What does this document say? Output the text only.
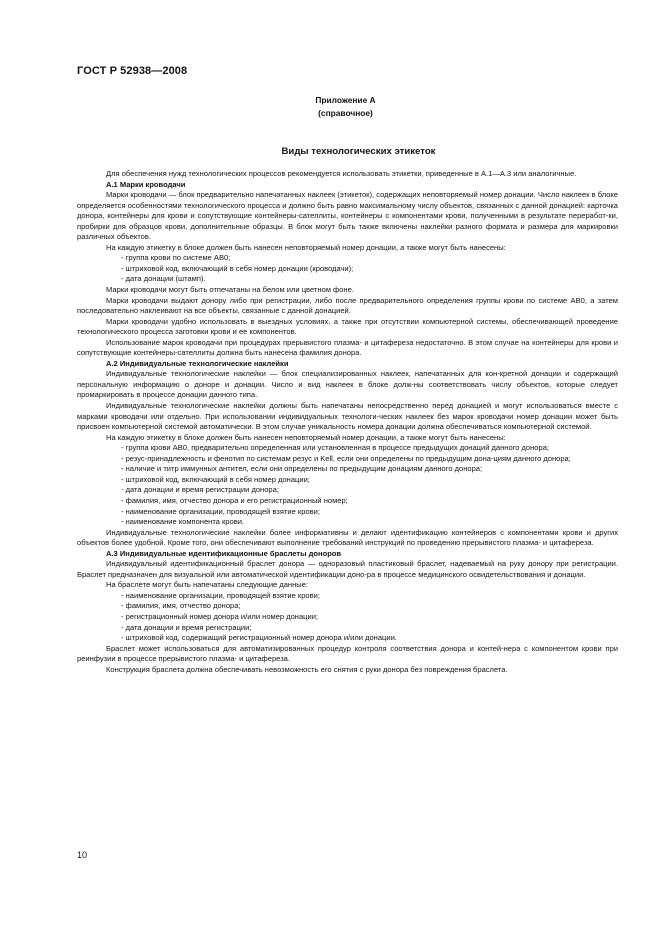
ГОСТ Р 52938—2008
Приложение А
(справочное)
Виды технологических этикеток

Для обеспечения нужд технологических процессов рекомендуется использовать этикетки, приведенные в А.1—А.3 или аналогичные.

А.1 Марки кроводачи

Марки кроводачи — блок предварительно напечатанных наклеек (этикеток), содержащих неповторяемый номер донации. Число наклеек в блоке определяется особенностями технологического процесса и должно быть равно максимальному числу объектов, связанных с данной донацией: карточка донора, контейнеры для крови и сопутствующие контейнеры-сателлиты, контейнеры с компонентами крови, полученными в результате перерабoт-ки, пробирки для образцов крови, дополнительные образцы. В блок могут быть также включены наклейки разного формата и размера для маркировки различных объектов.

На каждую этикетку в блоке должен быть нанесен неповторяемый номер донации, а также могут быть нанесены:

- группа крови по системе АВ0;

- штриховой код, включающий в себя номер донации (кроводачи);

- дата донации (штамп).

Марки кроводачи могут быть отпечатаны на белом или цветном фоне.

Марки кроводачи выдают донору либо при регистрации, либо после предварительного определения группы крови по системе АВ0, а затем последовательно наклеивают на все объекты, связанные с данной донацией.

Марки кроводачи удобно использовать в выездных условиях, а также при отсутствии компьютерной системы, обеспечивающей проведение технологического процесса заготовки крови и ее компонентов.

Использование марок кроводачи при процедурах прерывистого плазма- и цитафереза недостаточно. В этом случае на контейнеры для крови и сопутствующие контейнеры-сателлиты должна быть нанесена фамилия донора.

А.2 Индивидуальные технологические наклейки

Индивидуальные технологические наклейки — блок специализированных наклеек, напечатанных для кон-кретной донации и содержащий персональную информацию о доноре и донации. Число и вид наклеек в блоке долж-ны соответствовать числу объектов, которые следует промаркировать в процессе донации данного типа.

Индивидуальные технологические наклейки должны быть напечатаны непосредственно перед донацией и могут использоваться вместе с марками кроводачи или отдельно. При использовании индивидуальных технологи-ческих наклеек без марок кроводачи номер донации может быть присвоен компьютерной системой автоматически. В этом случае уникальность номера донации должна обеспечиваться компьютерной системой.

На каждую этикетку в блоке должен быть нанесен неповторяемый номер донации, а также могут быть нанесены:

- группа крови АВ0, предварительно определенная или установленная в процессе предыдущих донаций данного донора;

- резус-принадлежность и фенотип по системам резус и Kell, если они определены по предыдущим дона-циям данного донора;

- наличие и титр иммунных антител, если они определены по предыдущим донациям данного донора;

- штриховой код, включающий в себя номер донации;

- дата донации и время регистрации донора;

- фамилия, имя, отчество донора и его регистрационный номер;

- наименование организации, проводящей взятие крови;

- наименование компонента крови.

Индивидуальные технологические наклейки более информативны и делают идентификацию контейнеров с компонентами крови и других объектов более удобной. Кроме того, они обеспечивают выполнение требований инструкций по проведению прерывистого плазма- и цитафереза.

А.3 Индивидуальные идентификационные браслеты доноров

Индивидуальный идентификационный браслет донора — одноразовый пластиковый браслет, надеваемый на руку донору при регистрации. Браслет предназначен для визуальной или автоматической идентификации доно-ра в процессе медицинского освидетельствования и донации.

На браслете могут быть напечатаны следующие данные:

- наименование организации, проводящей взятие крови;

- фамилия, имя, отчество донора;

- регистрационный номер донора и/или номер донации;

- дата донации и время регистрации;

- штриховой код, содержащий регистрационный номер донора и/или донации.

Браслет может использоваться для автоматизированных процедур контроля соответствия донора и контей-нера с компонентом крови при реинфузии в процессе прерывистого плазма- и цитафереза.

Конструкция браслета должна обеспечивать невозможность его снятия с руки донора без повреждения браслета.

10
